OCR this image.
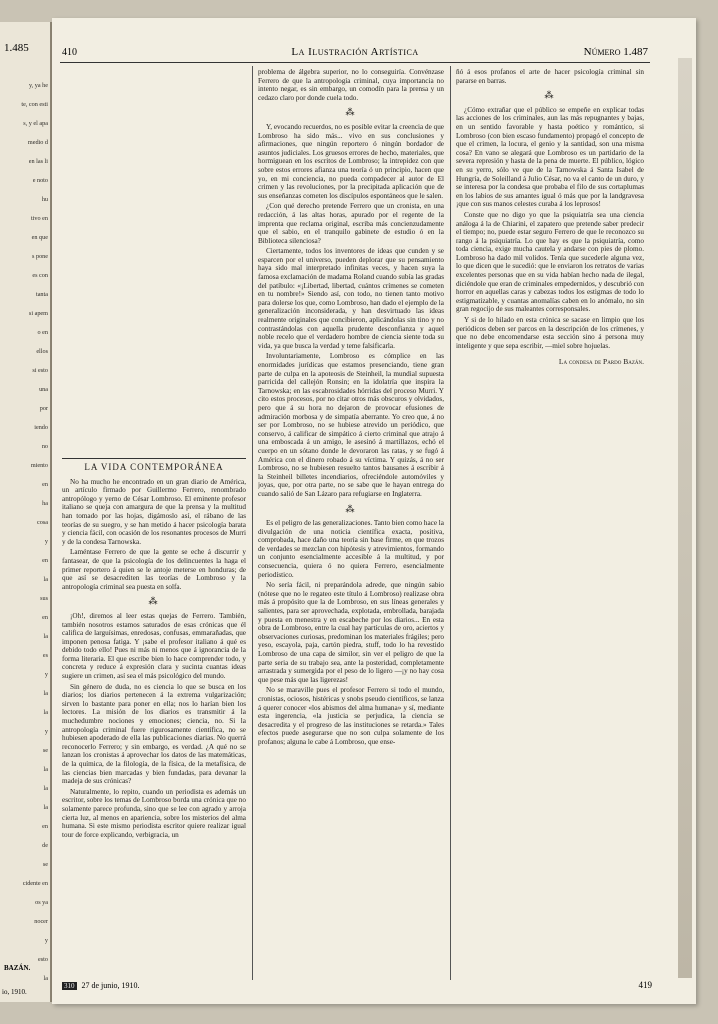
1.485
y, ya he
te, con esti
s, y el apa
medio d
en las li
e noto
hu
tivo en
en que
s pone
es con
tanta
si apem
o en
ellos
si esto
una
por
iendo
no
miento
en
ha
cosa
y
en
la
sus
en
la
es
y
la
la
y
se
la
la
la
en
de
se
cidente en
os ya
nocer
y
esto
la
BAZÁN.
io, 1910.
410	La Ilustración Artística	Número 1.487
LA VIDA CONTEMPORÁNEA

No ha mucho he encontrado en un gran diario de América, un artículo firmado por Guillermo Ferrero, renombrado antropólogo y yerno de César Lombroso. El eminente profesor italiano se queja con amargura de que la prensa y la multitud han tomado por las hojas, digámoslo así, el rábano de las teorías de su suegro, y se han metido á hacer psicología barata y ciencia fácil, con ocasión de los resonantes procesos de Murri y de la condesa Tarnowska.

Laméntase Ferrero de que la gente se eche á discurrir y fantasear, de que la psicología de los delincuentes la haga el primer reportero á quien se le antoje meterse en honduras; de que así se desacrediten las teorías de Lombroso y la antropología criminal sea puesta en solfa.

⁂

¡Oh!, diremos al leer estas quejas de Ferrero. También, también nosotros estamos saturados de esas crónicas que él califica de larguísimas, enredosas, confusas, emmarañadas, que imponen penosa fatiga. Y ¡sabe el profesor italiano á qué es debido todo ello! Pues ni más ni menos que á ignorancia de la forma literaria. El que escribe bien lo hace comprender todo, y concreta y reduce á expresión clara y sucinta cuantas ideas sugiere un crimen, así sea el más psicológico del mundo.

Sin género de duda, no es ciencia lo que se busca en los diarios; los diarios pertenecen á la extrema vulgarización; sirven lo bastante para poner en ella; nos lo harían bien los lectores. La misión de los diarios es transmitir á la muchedumbre nociones y emociones; ciencia, no. Si la antropología criminal fuere rigurosamente científica, no se hubiesen apoderado de ella las publicaciones diarias. No querrá reconocerlo Ferrero; y sin embargo, es verdad. ¿A qué no se lanzan los cronistas á aprovechar los datos de las matemáticas, de la química, de la filología, de la física, de la metafísica, de las ciencias bien marcadas y bien fundadas, para devanar la madeja de sus crónicas?

Naturalmente, lo repito, cuando un periodista es además un escritor, sobre los temas de Lombroso borda una crónica que no solamente parece profunda, sino que se lee con agrado y arroja cierta luz, al menos en apariencia, sobre los misterios del alma humana. Si este mismo periodista escritor quiere realizar igual tour de force explicando, verbigracia, un

problema de álgebra superior, no lo conseguiría. Convénzase Ferrero de que la antropología criminal, cuya importancia no intento negar, es sin embargo, un comodín para la prensa y un cedazo claro por donde cuela todo.

⁂

Y, evocando recuerdos, no es posible evitar la creencia de que Lombroso ha sido más... vivo en sus conclusiones y afirmaciones, que ningún reportero ó ningún bordador de asuntos judiciales. Los gruesos errores de hecho, materiales, que hormiguean en los escritos de Lombroso; la intrepidez con que sobre estos errores afianza una teoría ó un principio, hacen que yo, en mi conciencia, no pueda compadecer al autor de El crimen y las revoluciones, por la precipitada aplicación que de sus enseñanzas cometen los discípulos espontáneos que le salen.

¿Con qué derecho pretende Ferrero que un cronista, en una redacción, á las altas horas, apurado por el regente de la imprenta que reclama original, escriba más concienzudamente que el sabio, en el tranquilo gabinete de estudio ó en la Biblioteca silenciosa?

Ciertamente, todos los inventores de ideas que cunden y se esparcen por el universo, pueden deplorar que su pensamiento haya sido mal interpretado infinitas veces, y hacen suya la famosa exclamación de madama Roland cuando subía las gradas del patíbulo: «¡Libertad, libertad, cuántos crímenes se cometen en tu nombre!» Siendo así, con todo, no tienen tanto motivo para dolerse los que, como Lombroso, han dado el ejemplo de la generalización inconsiderada, y han desvirtuado las ideas realmente originales que concibieron, aplicándolas sin tino y no contrastándolas con aquella prudente desconfianza y aquel noble recelo que el verdadero hombre de ciencia siente toda su vida, ya que busca la verdad y teme falsificarla.

Involuntariamente, Lombroso es cómplice en las enormidades jurídicas que estamos presenciando, tiene gran parte de culpa en la apoteosis de Steinheil, la mundial supuesta parricida del callejón Ronsin; en la idolatría que inspira la Tarnowska; en las escabrosidades hórridas del proceso Murri. Y cito estos procesos, por no citar otros más obscuros y olvidados, pero que á su hora no dejaron de provocar efusiones de admiración morbosa y de simpatía aberrante. Yo creo que, á no ser por Lombroso, no se hubiese atrevido un periódico, que conservo, á calificar de simpático á cierto criminal que atrajo á una emboscada á un amigo, le asesinó á martillazos, echó el cuerpo en un sótano donde le devoraron las ratas, y se fugó á América con el dinero robado á su víctima. Y quizás, á no ser Lombroso, no se hubiesen resuelto tantos bausanes á escribir á la Steinheil billetes incendiarios, ofreciéndole automóviles y joyas, que, por otra parte, no se sabe que le hayan entrega do cuando salió de San Lázaro para refugiarse en Inglaterra.

⁂

Es el peligro de las generalizaciones. Tanto bien como hace la divulgación de una noticia científica exacta, positiva, comprobada, hace daño una teoría sin base firme, en que trozos de verdades se mezclan con hipótesis y atrevimientos, formando un conjunto esencialmente accesible á la multitud, y por consecuencia, quiera ó no quiera Ferrero, esencialmente periodístico.

No sería fácil, ni preparándola adrede, que ningún sabio (nótese que no le regateo este título á Lombroso) realizase obra más á propósito que la de Lombroso, en sus líneas generales y salientes, para ser aprovechada, explotada, embrollada, barajada y puesta en menestra y en escabeche por los diarios... En esta obra de Lombroso, entre la cual hay partículas de oro, aciertos y observaciones curiosas, predominan los materiales frágiles; pero yeso, escayola, paja, cartón piedra, stuff, todo lo ha revestido Lombroso de una capa de similor, sin ver el peligro de que la parte seria de su trabajo sea, ante la posteridad, completamente arrastrada y sumergida por el peso de lo ligero —¡y no hay cosa que pese más que las ligerezas!

No se maraville pues el profesor Ferrero si todo el mundo, cronistas, ociosos, histéricas y snobs pseudo científicos, se lanza á querer conocer «los abismos del alma humana» y sí, mediante esta ingerencia, «la justicia se perjudica, la ciencia se desacredita y el progreso de las instituciones se retarda.» Tales efectos puede asegurarse que no son culpa solamente de los profanos; alguna le cabe á Lombroso, que ense-

ñó á esos profanos el arte de hacer psicología criminal sin pararse en barras.

⁂

¿Cómo extrañar que el público se empeñe en explicar todas las acciones de los criminales, aun las más repugnantes y bajas, en un sentido favorable y hasta poético y romántico, si Lombroso (con bien escaso fundamento) propagó el concepto de que el crimen, la locura, el genio y la santidad, son una misma cosa? En vano se alegará que Lombroso es un partidario de la severa represión y hasta de la pena de muerte. El público, lógico en su yerro, sólo ve que de la Tarnowska á Santa Isabel de Hungría, de Soleilland á Julio César, no va el canto de un duro, y se interesa por la condesa que probaba el filo de sus cortaplumas en los labios de sus amantes igual ó más que por la landgravesa ¡que con sus manos celestes curaba á los leprosos!

Conste que no digo yo que la psiquiatría sea una ciencia análoga á la de Chiarini, el zapatero que pretende saber predecir el tiempo; no, puede estar seguro Ferrero de que le reconozco su rango á la psiquiatría. Lo que hay es que la psiquiatría, como toda ciencia, exige mucha cautela y andarse con pies de plomo. Lombroso ha dado mil volidos. Tenía que sucederle alguna vez, lo que dicen que le sucedió: que le enviaron los retratos de varias excelentes personas que en su vida habían hecho nada de ilegal, diciéndole que eran de criminales empedernidos, y descubrió con horror en aquellas caras y cabezas todos los estigmas de todo lo estigmatizable, y cuantas anomalías caben en lo anómalo, no sin gran regocijo de sus maleantes corresponsales.

Y si de lo hilado en esta crónica se sacase en limpio que los periódicos deben ser parcos en la descripción de los crímenes, y que no debe encomendarse esta sección sino á persona muy inteligente y que sepa escribir, —miel sobre hojuelas.

La condesa de Pardo Bazán.
310 27 de junio, 1910.	419
